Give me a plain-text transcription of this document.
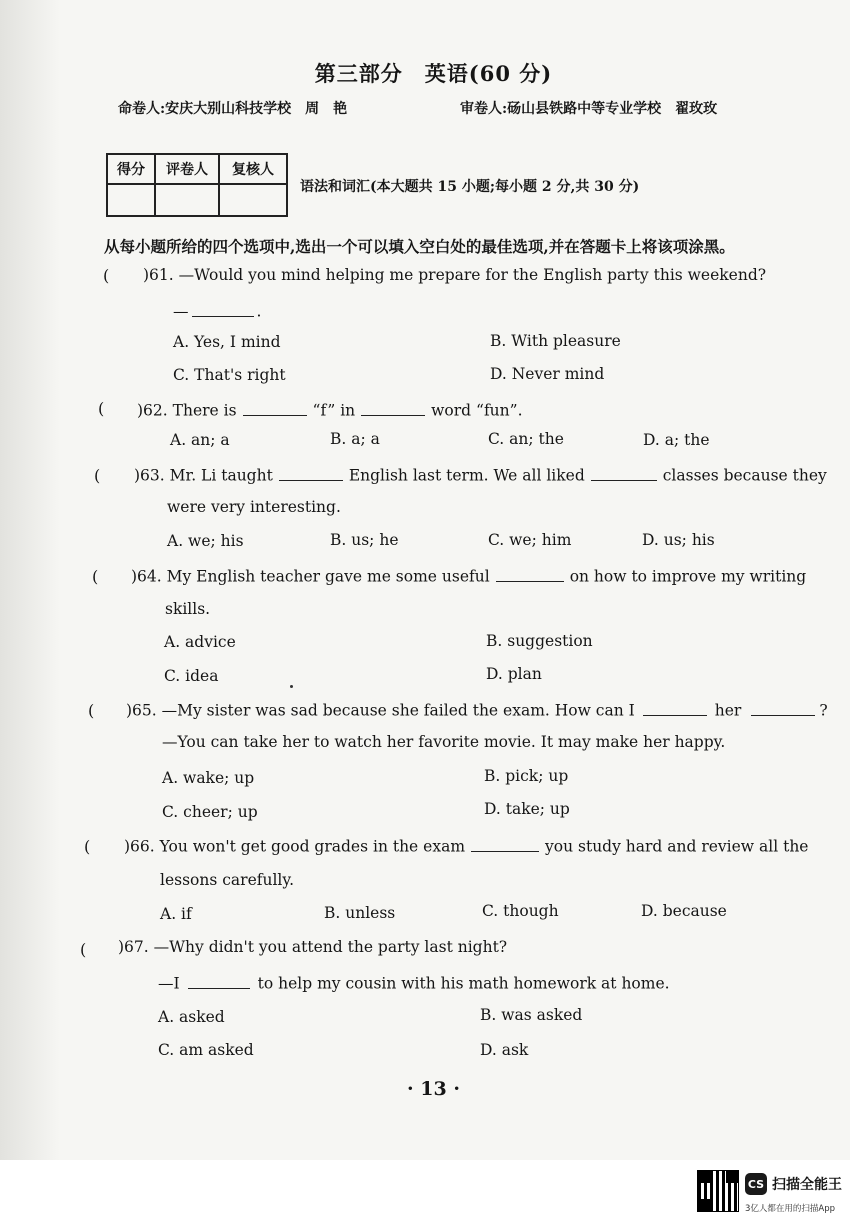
第三部分 英语(60 分)
命卷人:安庆大别山科技学校　周　艳	审卷人:砀山县铁路中等专业学校　翟玫玫
得分	评卷人	复核人

语法和词汇(本大题共 15 小题;每小题 2 分,共 30 分)
从每小题所给的四个选项中,选出一个可以填入空白处的最佳选项,并在答题卡上将该项涂黑。
( )61. —Would you mind helping me prepare for the English party this weekend?
—	.
A. Yes, I mind	B. With pleasure
C. That's right	D. Never mind
( )62. There is	“f” in	word “fun”.
A. an; a	B. a; a	C. an; the	D. a; the
( )63. Mr. Li taught	English last term. We all liked	classes because they
were very interesting.
A. we; his	B. us; he	C. we; him	D. us; his
( )64. My English teacher gave me some useful	on how to improve my writing
skills.
A. advice	B. suggestion
C. idea	D. plan
( )65. —My sister was sad because she failed the exam. How can I	her	?
—You can take her to watch her favorite movie. It may make her happy.
A. wake; up	B. pick; up
C. cheer; up	D. take; up
( )66. You won't get good grades in the exam	you study hard and review all the
lessons carefully.
A. if	B. unless	C. though	D. because
( )67. —Why didn't you attend the party last night?
—I	to help my cousin with his math homework at home.
A. asked	B. was asked
C. am asked	D. ask
· 13 ·
CS 扫描全能王
3亿人都在用的扫描App
